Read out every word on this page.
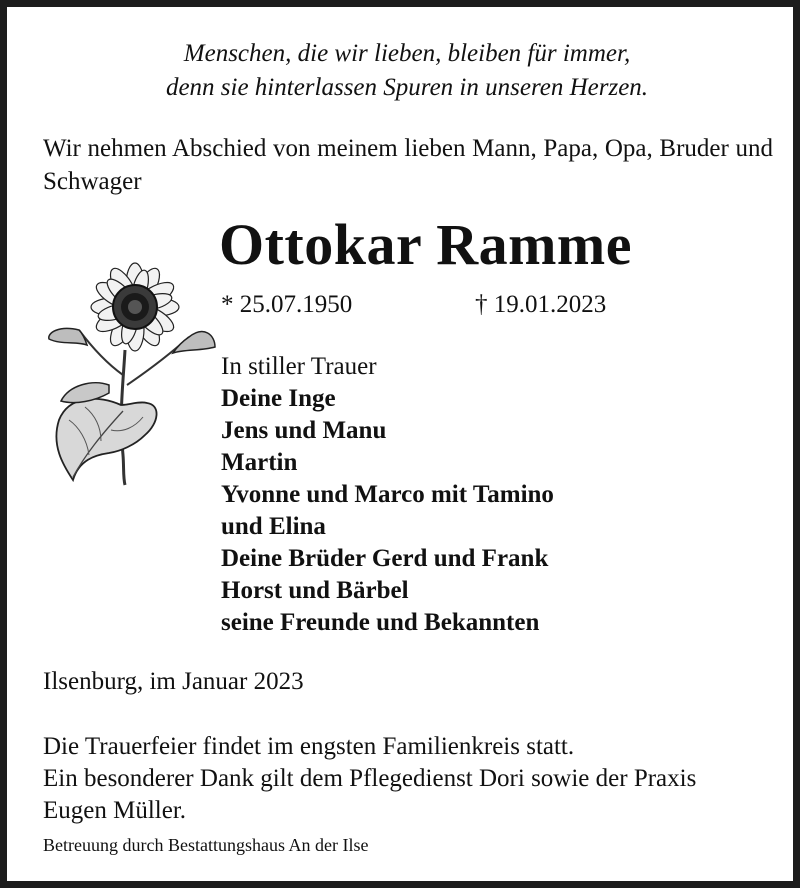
Menschen, die wir lieben, bleiben für immer,
denn sie hinterlassen Spuren in unseren Herzen.
Wir nehmen Abschied von meinem lieben Mann, Papa, Opa, Bruder und Schwager
Ottokar Ramme
* 25.07.1950	† 19.01.2023
In stiller Trauer
Deine Inge
Jens und Manu
Martin
Yvonne und Marco mit Tamino
und Elina
Deine Brüder Gerd und Frank
Horst und Bärbel
seine Freunde und Bekannten
Ilsenburg, im Januar 2023
Die Trauerfeier findet im engsten Familienkreis statt.
Ein besonderer Dank gilt dem Pflegedienst Dori sowie der Praxis
Eugen Müller.
Betreuung durch Bestattungshaus An der Ilse
